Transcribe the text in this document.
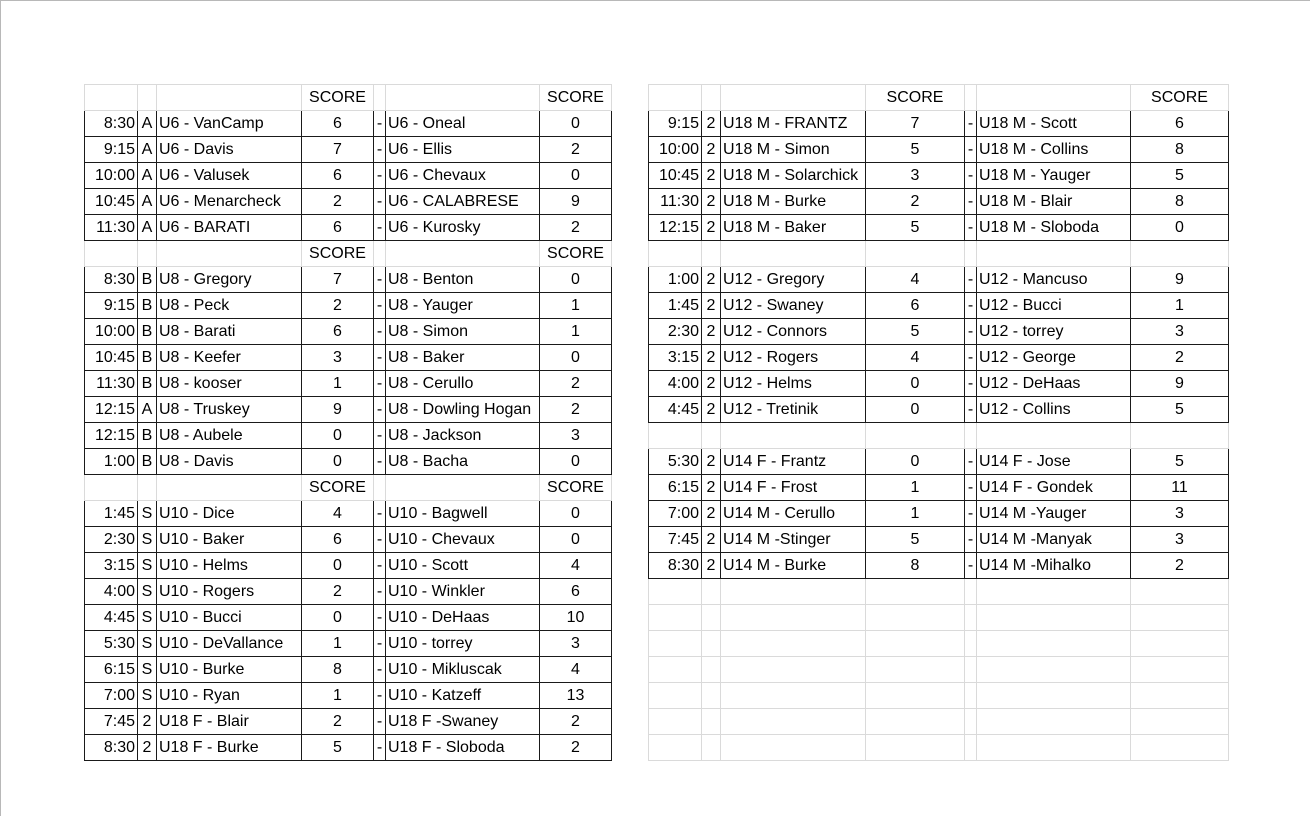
			SCORE			SCORE
8:30	A	U6 - VanCamp	6	-	U6 - Oneal	0
9:15	A	U6 - Davis	7	-	U6 - Ellis	2
10:00	A	U6 - Valusek	6	-	U6 - Chevaux	0
10:45	A	U6 - Menarcheck	2	-	U6 - CALABRESE	9
11:30	A	U6 - BARATI	6	-	U6 - Kurosky	2
			SCORE			SCORE
8:30	B	U8 - Gregory	7	-	U8 - Benton	0
9:15	B	U8 - Peck	2	-	U8 - Yauger	1
10:00	B	U8 - Barati	6	-	U8 - Simon	1
10:45	B	U8 - Keefer	3	-	U8 - Baker	0
11:30	B	U8 - kooser	1	-	U8 - Cerullo	2
12:15	A	U8 - Truskey	9	-	U8 - Dowling Hogan	2
12:15	B	U8 - Aubele	0	-	U8 - Jackson	3
1:00	B	U8 - Davis	0	-	U8 - Bacha	0
			SCORE			SCORE
1:45	S	U10 - Dice	4	-	U10 - Bagwell	0
2:30	S	U10 - Baker	6	-	U10 - Chevaux	0
3:15	S	U10 - Helms	0	-	U10 - Scott	4
4:00	S	U10 - Rogers	2	-	U10 - Winkler	6
4:45	S	U10 - Bucci	0	-	U10 - DeHaas	10
5:30	S	U10 - DeVallance	1	-	U10 - torrey	3
6:15	S	U10 - Burke	8	-	U10 - Mikluscak	4
7:00	S	U10 - Ryan	1	-	U10 - Katzeff	13
7:45	2	U18 F - Blair	2	-	U18 F -Swaney	2
8:30	2	U18 F - Burke	5	-	U18 F - Sloboda	2
			SCORE			SCORE
9:15	2	U18 M - FRANTZ	7	-	U18 M - Scott	6
10:00	2	U18 M - Simon	5	-	U18 M - Collins	8
10:45	2	U18 M - Solarchick	3	-	U18 M - Yauger	5
11:30	2	U18 M - Burke	2	-	U18 M - Blair	8
12:15	2	U18 M - Baker	5	-	U18 M - Sloboda	0

1:00	2	U12 - Gregory	4	-	U12 - Mancuso	9
1:45	2	U12 - Swaney	6	-	U12 - Bucci	1
2:30	2	U12 - Connors	5	-	U12 - torrey	3
3:15	2	U12 - Rogers	4	-	U12 - George	2
4:00	2	U12 - Helms	0	-	U12 - DeHaas	9
4:45	2	U12 - Tretinik	0	-	U12 - Collins	5

5:30	2	U14 F - Frantz	0	-	U14 F - Jose	5
6:15	2	U14 F - Frost	1	-	U14 F - Gondek	11
7:00	2	U14 M - Cerullo	1	-	U14 M -Yauger	3
7:45	2	U14 M -Stinger	5	-	U14 M -Manyak	3
8:30	2	U14 M - Burke	8	-	U14 M -Mihalko	2
